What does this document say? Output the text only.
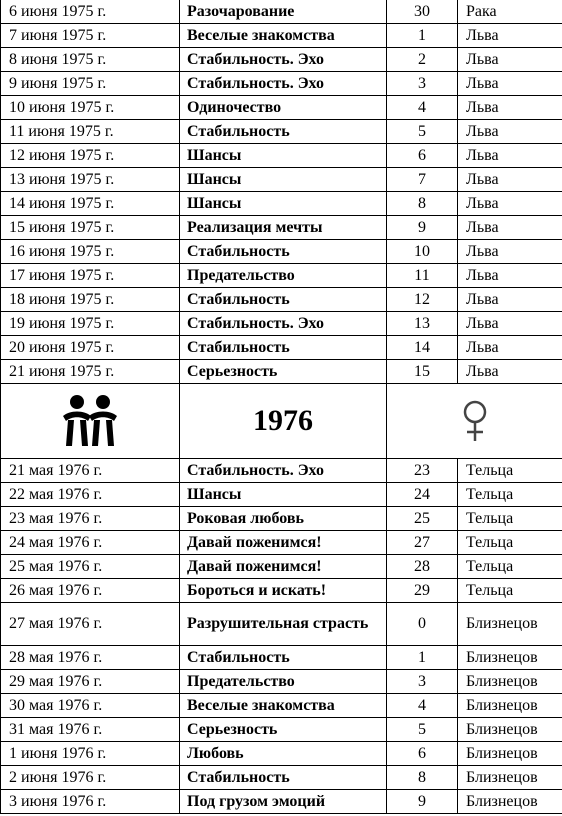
6 июня 1975 г.	Разочарование	30	Рака
7 июня 1975 г.	Веселые знакомства	1	Льва
8 июня 1975 г.	Стабильность. Эхо	2	Льва
9 июня 1975 г.	Стабильность. Эхо	3	Льва
10 июня 1975 г.	Одиночество	4	Льва
11 июня 1975 г.	Стабильность	5	Льва
12 июня 1975 г.	Шансы	6	Льва
13 июня 1975 г.	Шансы	7	Льва
14 июня 1975 г.	Шансы	8	Льва
15 июня 1975 г.	Реализация мечты	9	Льва
16 июня 1975 г.	Стабильность	10	Льва
17 июня 1975 г.	Предательство	11	Льва
18 июня 1975 г.	Стабильность	12	Льва
19 июня 1975 г.	Стабильность. Эхо	13	Льва
20 июня 1975 г.	Стабильность	14	Льва
21 июня 1975 г.	Серьезность	15	Льва
	1976	
21 мая 1976 г.	Стабильность. Эхо	23	Тельца
22 мая 1976 г.	Шансы	24	Тельца
23 мая 1976 г.	Роковая любовь	25	Тельца
24 мая 1976 г.	Давай поженимся!	27	Тельца
25 мая 1976 г.	Давай поженимся!	28	Тельца
26 мая 1976 г.	Бороться и искать!	29	Тельца
27 мая 1976 г.	Разрушительная страсть	0	Близнецов
28 мая 1976 г.	Стабильность	1	Близнецов
29 мая 1976 г.	Предательство	3	Близнецов
30 мая 1976 г.	Веселые знакомства	4	Близнецов
31 мая 1976 г.	Серьезность	5	Близнецов
1 июня 1976 г.	Любовь	6	Близнецов
2 июня 1976 г.	Стабильность	8	Близнецов
3 июня 1976 г.	Под грузом эмоций	9	Близнецов
